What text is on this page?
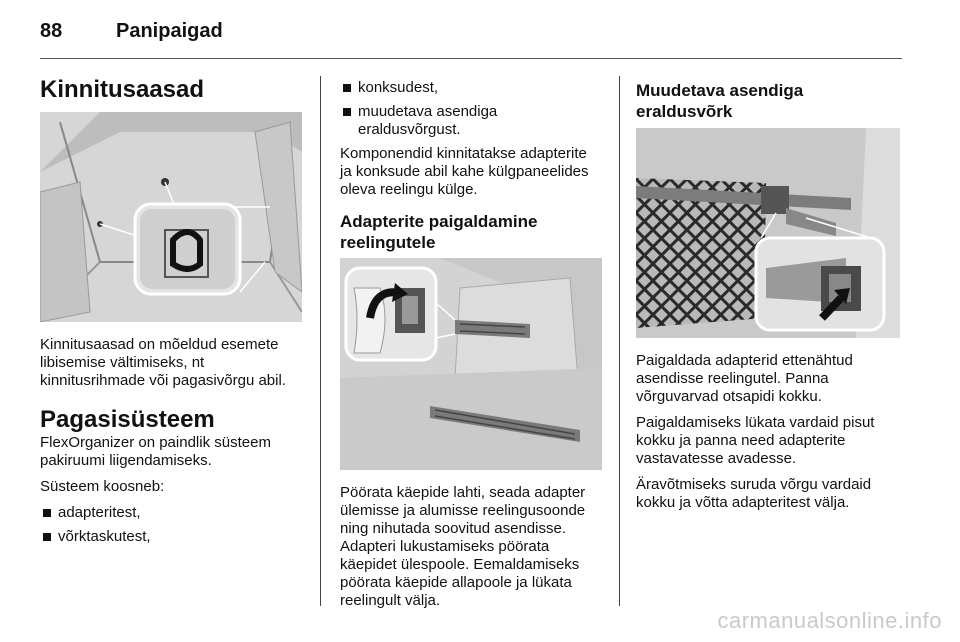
88	Panipaigad
Kinnitusaasad

Kinnitusaasad on mõeldud esemete libisemise vältimiseks, nt kinnitusrihmade või pagasivõrgu abil.

Pagasisüsteem

FlexOrganizer on paindlik süsteem pakiruumi liigendamiseks.

Süsteem koosneb:

adapteritest,
võrktaskutest,
konksudest,
muudetava asendiga eraldusvõrgust.

Komponendid kinnitatakse adapterite ja konksude abil kahe külgpaneelides oleva reelingu külge.

Adapterite paigaldamine reelingutele

Pöörata käepide lahti, seada adapter ülemisse ja alumisse reelingusoonde ning nihutada soovitud asendisse. Adapteri lukustamiseks pöörata käepidet ülespoole. Eemaldamiseks pöörata käepide allapoole ja lükata reelingult välja.

Muudetava asendiga eraldusvõrk

Paigaldada adapterid ettenähtud asendisse reelingutel. Panna võrguvarvad otsapidi kokku.

Paigaldamiseks lükata vardaid pisut kokku ja panna need adapterite vastavatesse avadesse.

Äravõtmiseks suruda võrgu vardaid kokku ja võtta adapteritest välja.

carmanualsonline.info
